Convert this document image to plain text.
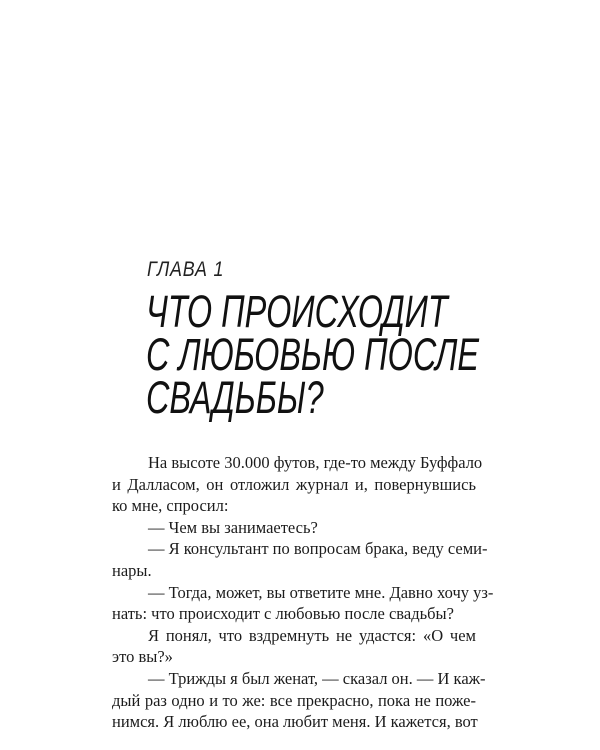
ГЛАВА 1
ЧТО ПРОИСХОДИТ
С ЛЮБОВЬЮ ПОСЛЕ
СВАДЬБЫ?
На высоте 30.000 футов, где-то между Буффало
и Далласом, он отложил журнал и, повернувшись
ко мне, спросил:
— Чем вы занимаетесь?
— Я консультант по вопросам брака, веду семи-
нары.
— Тогда, может, вы ответите мне. Давно хочу уз-
нать: что происходит с любовью после свадьбы?
Я понял, что вздремнуть не удастся: «О чем
это вы?»
— Трижды я был женат, — сказал он. — И каж-
дый раз одно и то же: все прекрасно, пока не поже-
нимся. Я люблю ее, она любит меня. И кажется, вот
